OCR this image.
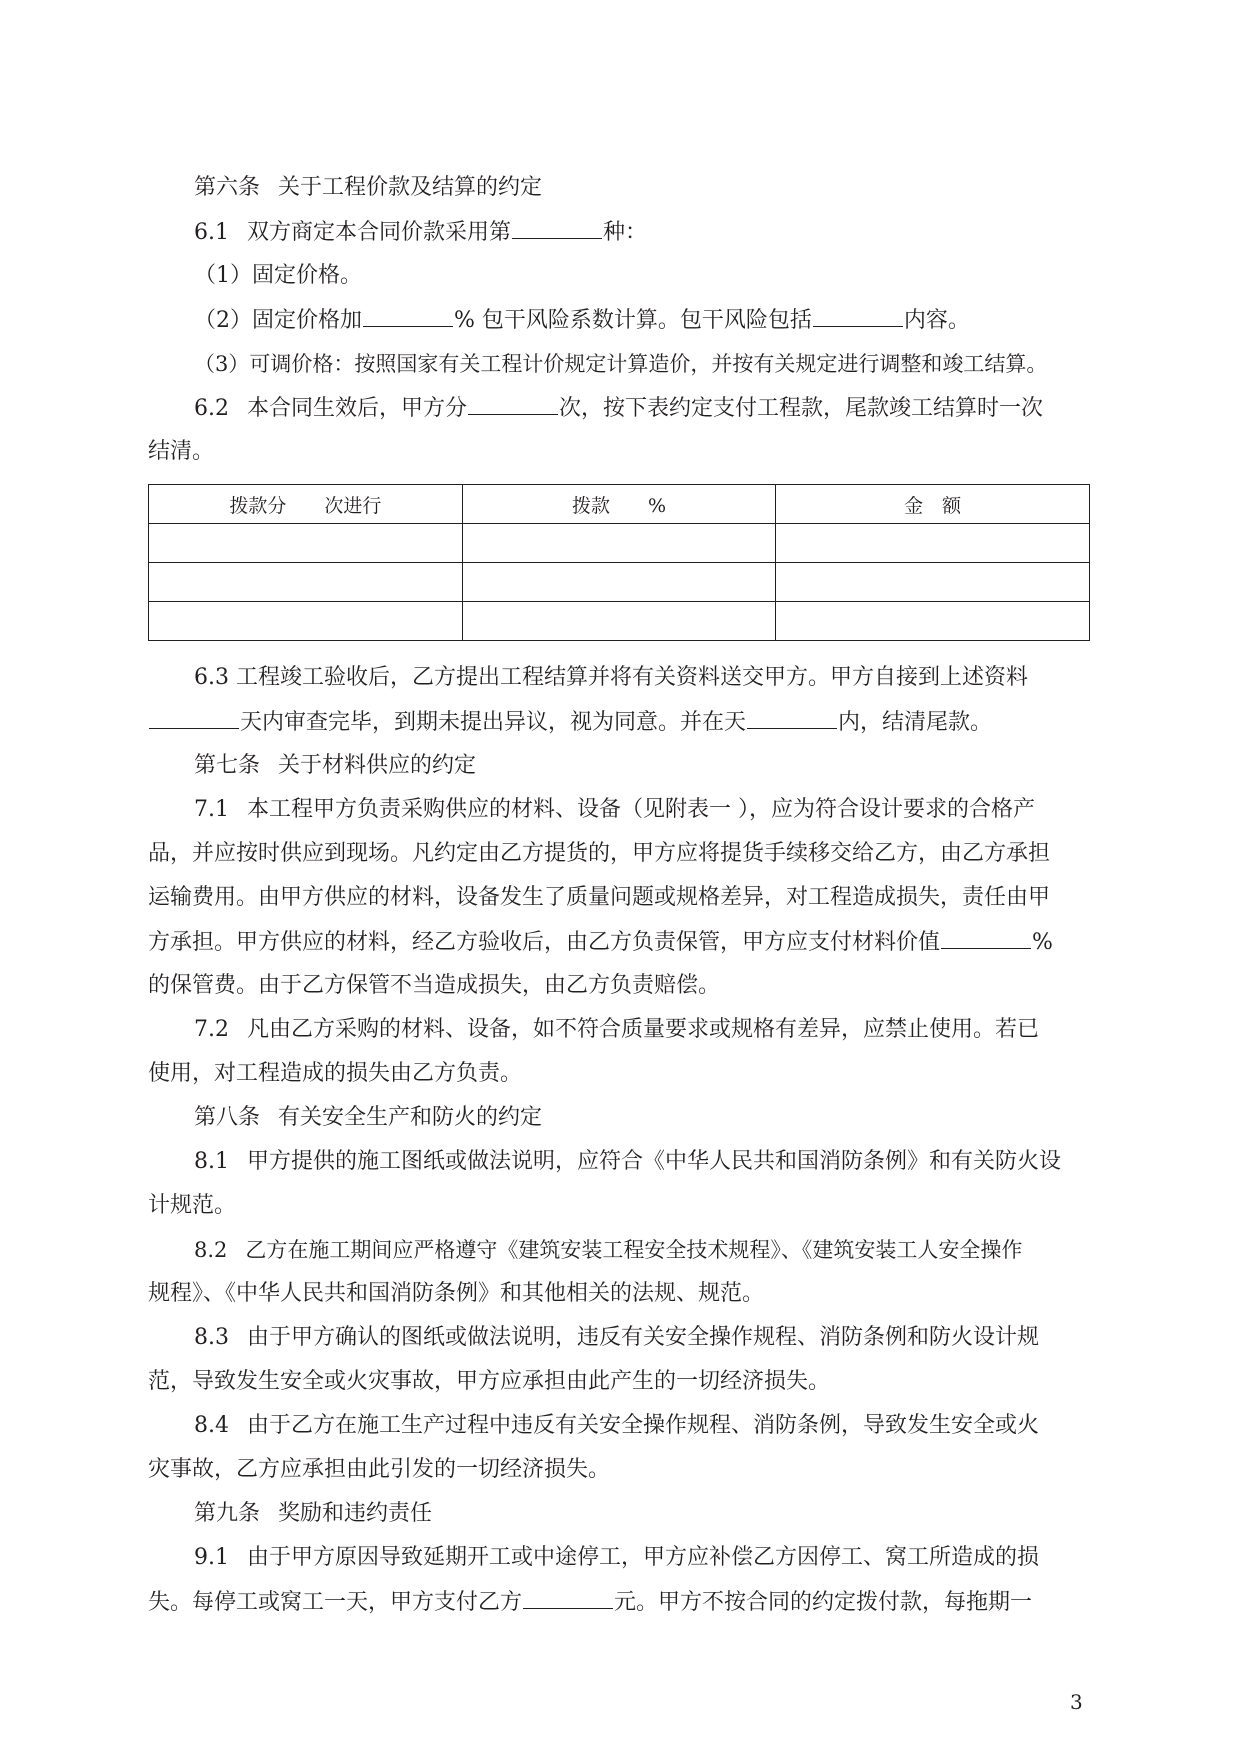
第六条 关于工程价款及结算的约定
6.1 双方商定本合同价款采用第	种：
（1）固定价格。
（2）固定价格加	% 包干风险系数计算。包干风险包括	内容。
（3）可调价格：按照国家有关工程计价规定计算造价，并按有关规定进行调整和竣工结算。
6.2 本合同生效后，甲方分	次，按下表约定支付工程款，尾款竣工结算时一次
结清。
拨款分　　次进行	拨款　　%	金　额

6.3 工程竣工验收后，乙方提出工程结算并将有关资料送交甲方。甲方自接到上述资料
天内审查完毕，到期未提出异议，视为同意。并在天	内，结清尾款。
第七条 关于材料供应的约定
7.1 本工程甲方负责采购供应的材料、设备（见附表一 ），应为符合设计要求的合格产
品，并应按时供应到现场。凡约定由乙方提货的，甲方应将提货手续移交给乙方，由乙方承担
运输费用。由甲方供应的材料，设备发生了质量问题或规格差异，对工程造成损失，责任由甲
方承担。甲方供应的材料，经乙方验收后，由乙方负责保管，甲方应支付材料价值	%
的保管费。由于乙方保管不当造成损失，由乙方负责赔偿。
7.2 凡由乙方采购的材料、设备，如不符合质量要求或规格有差异，应禁止使用。若已
使用，对工程造成的损失由乙方负责。
第八条 有关安全生产和防火的约定
8.1 甲方提供的施工图纸或做法说明，应符合《中华人民共和国消防条例》和有关防火设
计规范。
8.2 乙方在施工期间应严格遵守《建筑安装工程安全技术规程》、《建筑安装工人安全操作
规程》、《中华人民共和国消防条例》和其他相关的法规、规范。
8.3 由于甲方确认的图纸或做法说明，违反有关安全操作规程、消防条例和防火设计规
范，导致发生安全或火灾事故，甲方应承担由此产生的一切经济损失。
8.4 由于乙方在施工生产过程中违反有关安全操作规程、消防条例，导致发生安全或火
灾事故，乙方应承担由此引发的一切经济损失。
第九条 奖励和违约责任
9.1 由于甲方原因导致延期开工或中途停工，甲方应补偿乙方因停工、窝工所造成的损
失。每停工或窝工一天，甲方支付乙方	元。甲方不按合同的约定拨付款，每拖期一
3
